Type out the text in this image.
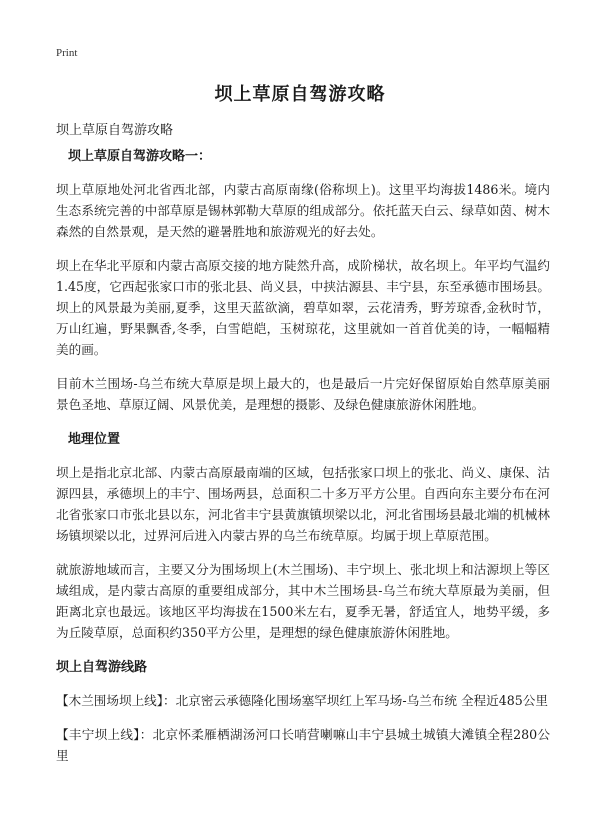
Print
坝上草原自驾游攻略
坝上草原自驾游攻略
坝上草原自驾游攻略一：

坝上草原地处河北省西北部，内蒙古高原南缘(俗称坝上)。这里平均海拔1486米。境内生态系统完善的中部草原是锡林郭勒大草原的组成部分。依托蓝天白云、绿草如茵、树木森然的自然景观，是天然的避暑胜地和旅游观光的好去处。

坝上在华北平原和内蒙古高原交接的地方陡然升高，成阶梯状，故名坝上。年平均气温约1.45度，它西起张家口市的张北县、尚义县，中挟沽源县、丰宁县，东至承德市围场县。坝上的风景最为美丽,夏季，这里天蓝欲滴，碧草如翠，云花清秀，野芳琼香,金秋时节，万山红遍，野果飘香,冬季，白雪皑皑，玉树琼花，这里就如一首首优美的诗，一幅幅精美的画。

目前木兰围场-乌兰布统大草原是坝上最大的，也是最后一片完好保留原始自然草原美丽景色圣地、草原辽阔、风景优美，是理想的摄影、及绿色健康旅游休闲胜地。

地理位置

坝上是指北京北部、内蒙古高原最南端的区域，包括张家口坝上的张北、尚义、康保、沽源四县，承德坝上的丰宁、围场两县，总面积二十多万平方公里。自西向东主要分布在河北省张家口市张北县以东，河北省丰宁县黄旗镇坝梁以北，河北省围场县最北端的机械林场镇坝梁以北，过界河后进入内蒙古界的乌兰布统草原。均属于坝上草原范围。

就旅游地域而言，主要又分为围场坝上(木兰围场)、丰宁坝上、张北坝上和沽源坝上等区域组成，是内蒙古高原的重要组成部分，其中木兰围场县-乌兰布统大草原最为美丽，但距离北京也最远。该地区平均海拔在1500米左右，夏季无暑，舒适宜人，地势平缓，多为丘陵草原，总面积约350平方公里，是理想的绿色健康旅游休闲胜地。

坝上自驾游线路

【木兰围场坝上线】：北京密云承德隆化围场塞罕坝红上军马场-乌兰布统 全程近485公里

【丰宁坝上线】：北京怀柔雁栖湖汤河口长哨营喇嘛山丰宁县城土城镇大滩镇全程280公里
